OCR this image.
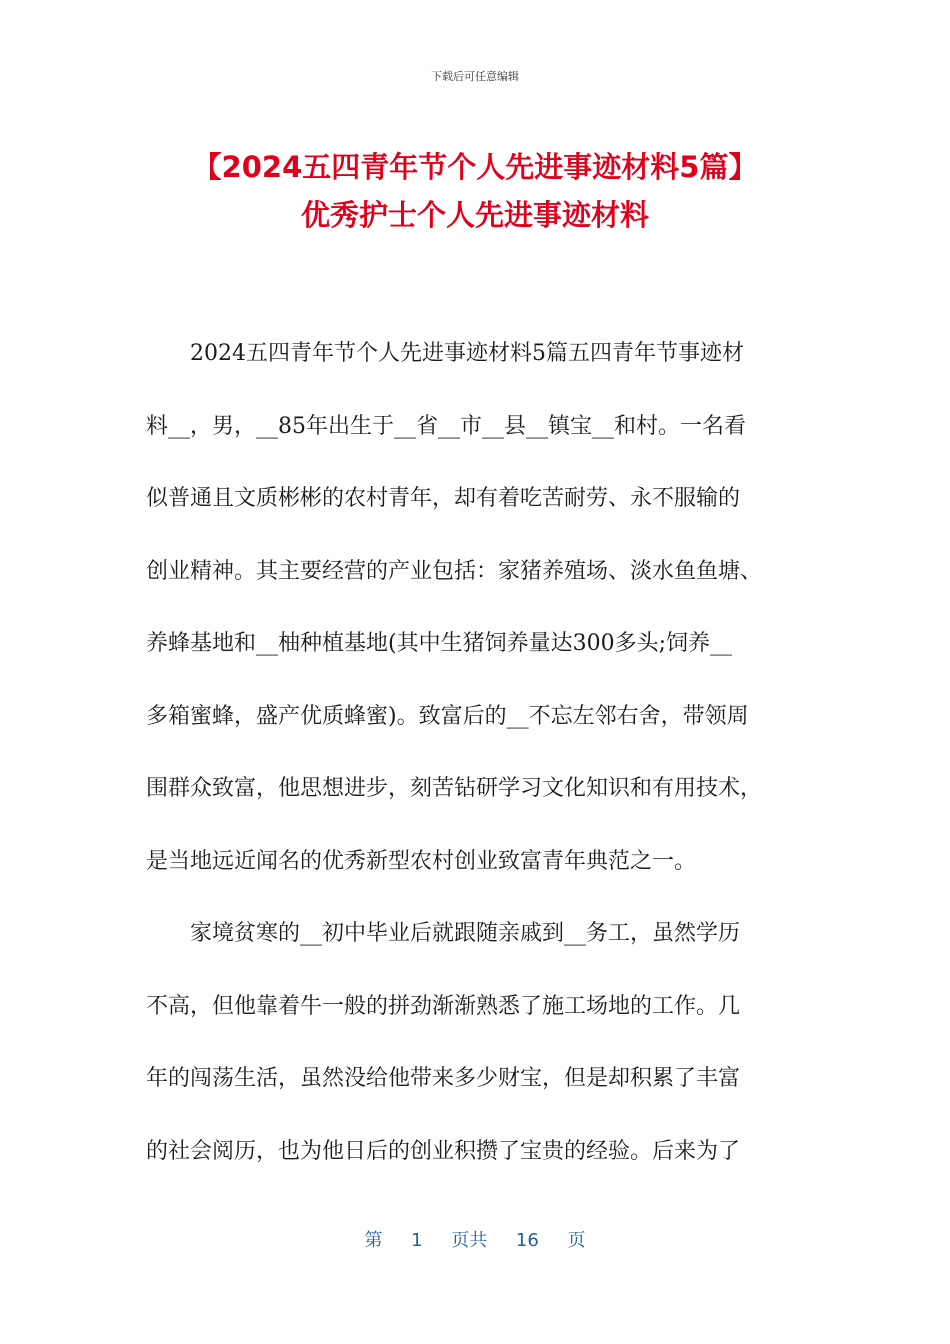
下载后可任意编辑
【2024五四青年节个人先进事迹材料5篇】
优秀护士个人先进事迹材料

2024五四青年节个人先进事迹材料5篇五四青年节事迹材
料__，男，__85年出生于__省__市__县__镇宝__和村。一名看
似普通且文质彬彬的农村青年，却有着吃苦耐劳、永不服输的
创业精神。其主要经营的产业包括：家猪养殖场、淡水鱼鱼塘、
养蜂基地和__柚种植基地(其中生猪饲养量达300多头;饲养__
多箱蜜蜂，盛产优质蜂蜜)。致富后的__不忘左邻右舍，带领周
围群众致富，他思想进步，刻苦钻研学习文化知识和有用技术，
是当地远近闻名的优秀新型农村创业致富青年典范之一。

家境贫寒的__初中毕业后就跟随亲戚到__务工，虽然学历
不高，但他靠着牛一般的拼劲渐渐熟悉了施工场地的工作。几
年的闯荡生活，虽然没给他带来多少财宝，但是却积累了丰富
的社会阅历，也为他日后的创业积攒了宝贵的经验。后来为了

第 1 页共 16 页
